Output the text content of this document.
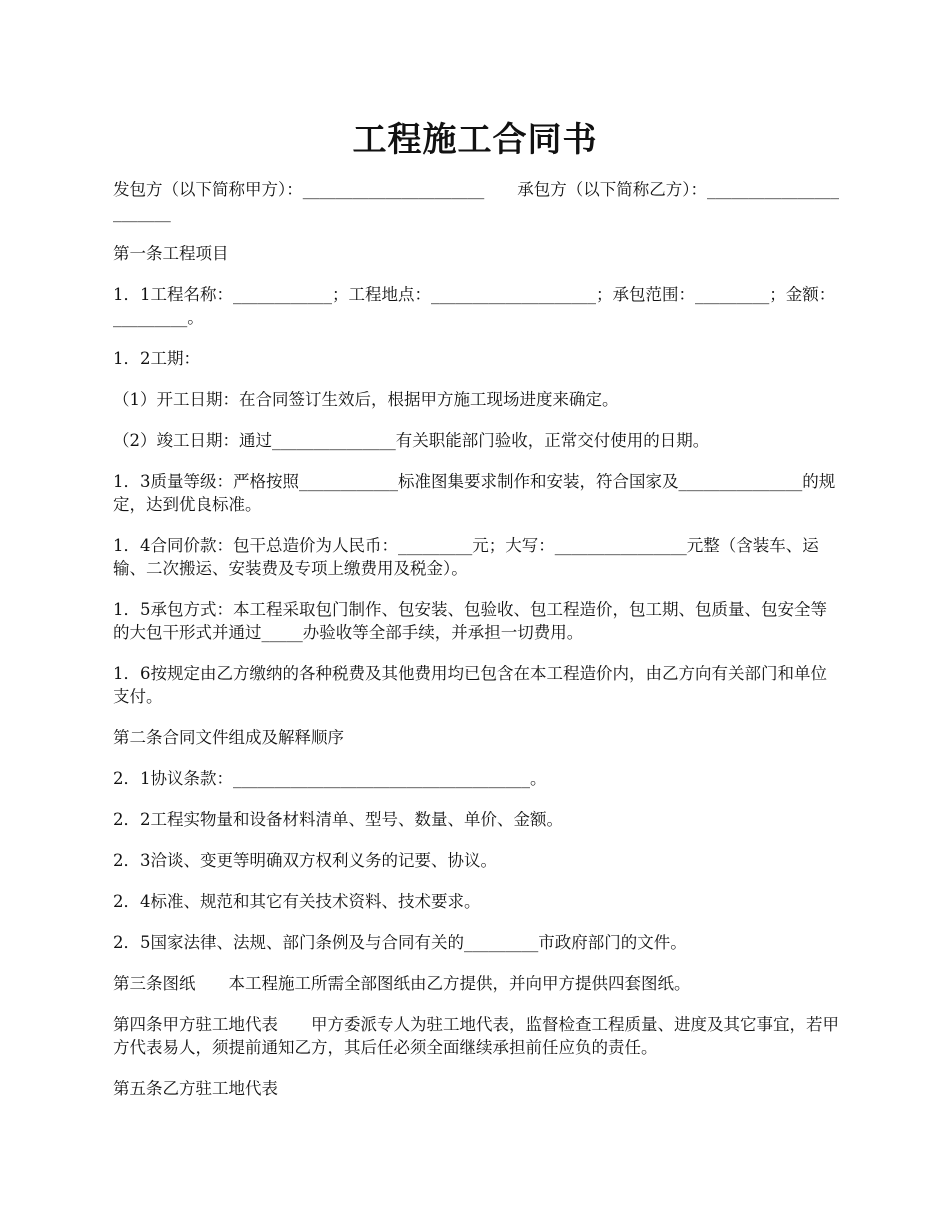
工程施工合同书

发包方（以下简称甲方）：______________________　　承包方（以下简称乙方）：_______________________

第一条工程项目

1．1工程名称：____________；工程地点：____________________；承包范围：_________；金额：_________。

1．2工期：

（1）开工日期：在合同签订生效后，根据甲方施工现场进度来确定。

（2）竣工日期：通过_______________有关职能部门验收，正常交付使用的日期。

1．3质量等级：严格按照____________标准图集要求制作和安装，符合国家及_______________的规定，达到优良标准。

1．4合同价款：包干总造价为人民币：_________元；大写：________________元整（含装车、运输、二次搬运、安装费及专项上缴费用及税金）。

1．5承包方式：本工程采取包门制作、包安装、包验收、包工程造价，包工期、包质量、包安全等的大包干形式并通过_____办验收等全部手续，并承担一切费用。

1．6按规定由乙方缴纳的各种税费及其他费用均已包含在本工程造价内，由乙方向有关部门和单位支付。

第二条合同文件组成及解释顺序

2．1协议条款：____________________________________。

2．2工程实物量和设备材料清单、型号、数量、单价、金额。

2．3洽谈、变更等明确双方权利义务的记要、协议。

2．4标准、规范和其它有关技术资料、技术要求。

2．5国家法律、法规、部门条例及与合同有关的_________市政府部门的文件。

第三条图纸　　本工程施工所需全部图纸由乙方提供，并向甲方提供四套图纸。

第四条甲方驻工地代表　　甲方委派专人为驻工地代表，监督检查工程质量、进度及其它事宜，若甲方代表易人，须提前通知乙方，其后任必须全面继续承担前任应负的责任。

第五条乙方驻工地代表
